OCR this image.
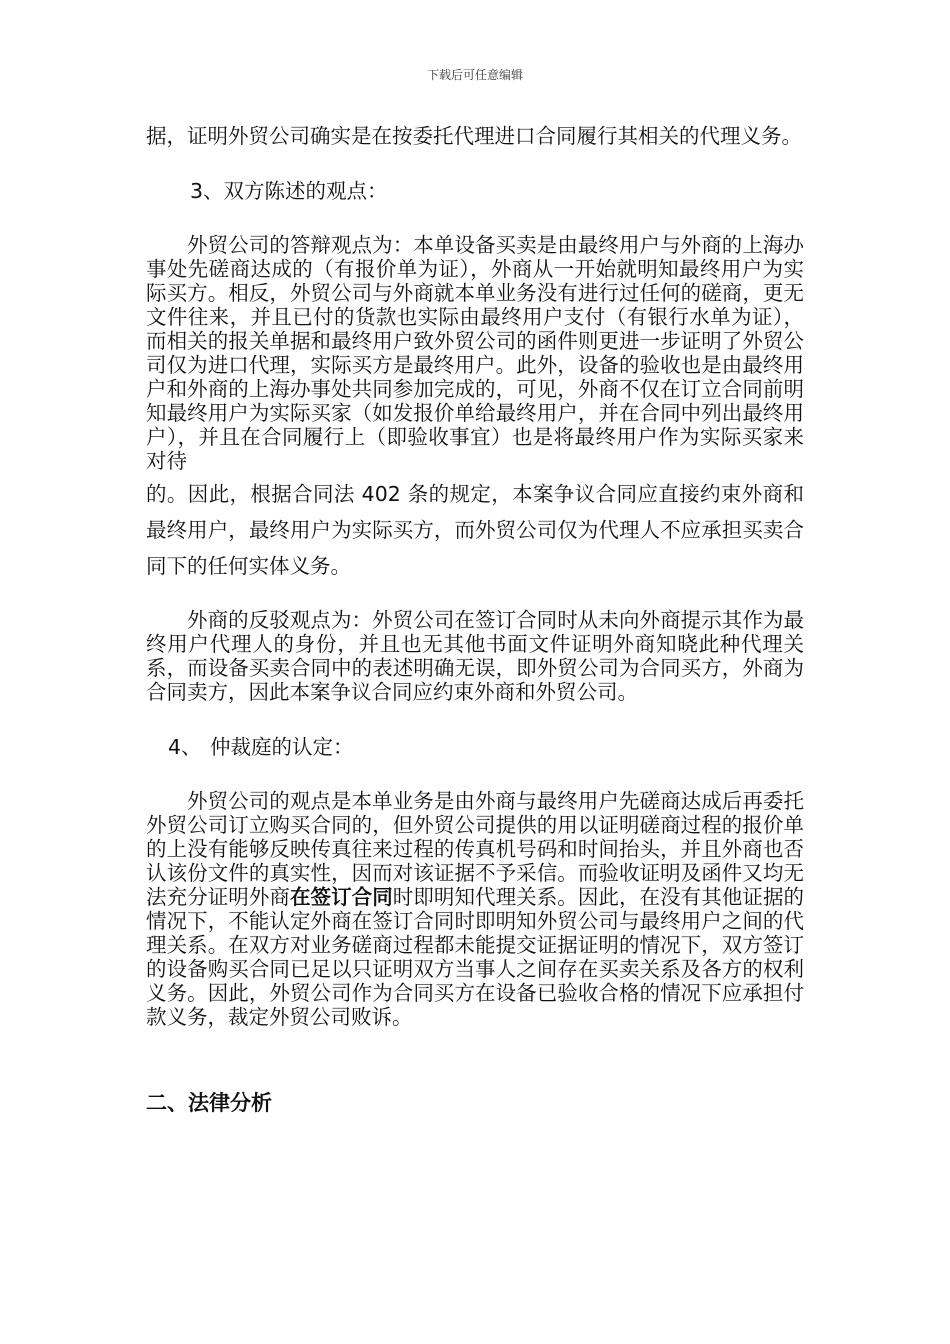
下载后可任意编辑

据，证明外贸公司确实是在按委托代理进口合同履行其相关的代理义务。

3、双方陈述的观点：

外贸公司的答辩观点为：本单设备买卖是由最终用户与外商的上海办事处先磋商达成的（有报价单为证），外商从一开始就明知最终用户为实际买方。相反，外贸公司与外商就本单业务没有进行过任何的磋商，更无文件往来，并且已付的货款也实际由最终用户支付（有银行水单为证），而相关的报关单据和最终用户致外贸公司的函件则更进一步证明了外贸公司仅为进口代理，实际买方是最终用户。此外，设备的验收也是由最终用户和外商的上海办事处共同参加完成的，可见，外商不仅在订立合同前明知最终用户为实际买家（如发报价单给最终用户，并在合同中列出最终用户），并且在合同履行上（即验收事宜）也是将最终用户作为实际买家来对待

的。因此，根据合同法 402 条的规定，本案争议合同应直接约束外商和最终用户，最终用户为实际买方，而外贸公司仅为代理人不应承担买卖合同下的任何实体义务。

外商的反驳观点为：外贸公司在签订合同时从未向外商提示其作为最终用户代理人的身份，并且也无其他书面文件证明外商知晓此种代理关系，而设备买卖合同中的表述明确无误，即外贸公司为合同买方，外商为合同卖方，因此本案争议合同应约束外商和外贸公司。

4、 仲裁庭的认定：

外贸公司的观点是本单业务是由外商与最终用户先磋商达成后再委托外贸公司订立购买合同的，但外贸公司提供的用以证明磋商过程的报价单的上没有能够反映传真往来过程的传真机号码和时间抬头，并且外商也否认该份文件的真实性，因而对该证据不予采信。而验收证明及函件又均无法充分证明外商在签订合同时即明知代理关系。因此，在没有其他证据的情况下，不能认定外商在签订合同时即明知外贸公司与最终用户之间的代理关系。在双方对业务磋商过程都未能提交证据证明的情况下，双方签订的设备购买合同已足以只证明双方当事人之间存在买卖关系及各方的权利义务。因此，外贸公司作为合同买方在设备已验收合格的情况下应承担付款义务，裁定外贸公司败诉。

二、法律分析
